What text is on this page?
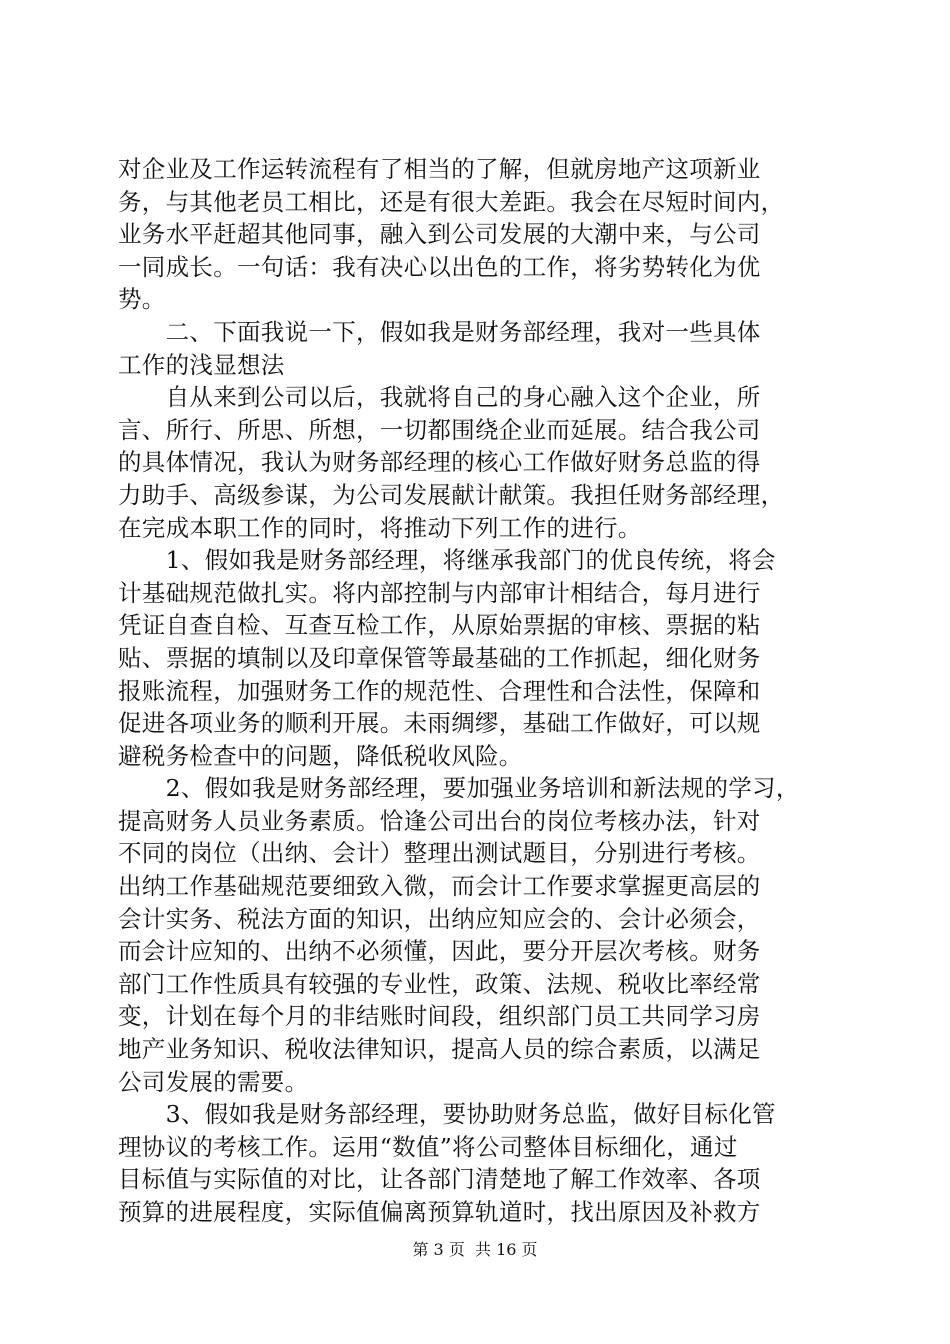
对企业及工作运转流程有了相当的了解，但就房地产这项新业
务，与其他老员工相比，还是有很大差距。我会在尽短时间内，
业务水平赶超其他同事，融入到公司发展的大潮中来，与公司
一同成长。一句话：我有决心以出色的工作，将劣势转化为优
势。
　　二、下面我说一下，假如我是财务部经理，我对一些具体
工作的浅显想法
　　自从来到公司以后，我就将自己的身心融入这个企业，所
言、所行、所思、所想，一切都围绕企业而延展。结合我公司
的具体情况，我认为财务部经理的核心工作做好财务总监的得
力助手、高级参谋，为公司发展献计献策。我担任财务部经理，
在完成本职工作的同时，将推动下列工作的进行。
　　1、假如我是财务部经理，将继承我部门的优良传统，将会
计基础规范做扎实。将内部控制与内部审计相结合，每月进行
凭证自查自检、互查互检工作，从原始票据的审核、票据的粘
贴、票据的填制以及印章保管等最基础的工作抓起，细化财务
报账流程，加强财务工作的规范性、合理性和合法性，保障和
促进各项业务的顺利开展。未雨绸缪，基础工作做好，可以规
避税务检查中的问题，降低税收风险。
　　2、假如我是财务部经理，要加强业务培训和新法规的学习，
提高财务人员业务素质。恰逢公司出台的岗位考核办法，针对
不同的岗位（出纳、会计）整理出测试题目，分别进行考核。
出纳工作基础规范要细致入微，而会计工作要求掌握更高层的
会计实务、税法方面的知识，出纳应知应会的、会计必须会，
而会计应知的、出纳不必须懂，因此，要分开层次考核。财务
部门工作性质具有较强的专业性，政策、法规、税收比率经常
变，计划在每个月的非结账时间段，组织部门员工共同学习房
地产业务知识、税收法律知识，提高人员的综合素质，以满足
公司发展的需要。
　　3、假如我是财务部经理，要协助财务总监，做好目标化管
理协议的考核工作。运用“数值”将公司整体目标细化，通过
目标值与实际值的对比，让各部门清楚地了解工作效率、各项
预算的进展程度，实际值偏离预算轨道时，找出原因及补救方
第 3 页  共 16 页
